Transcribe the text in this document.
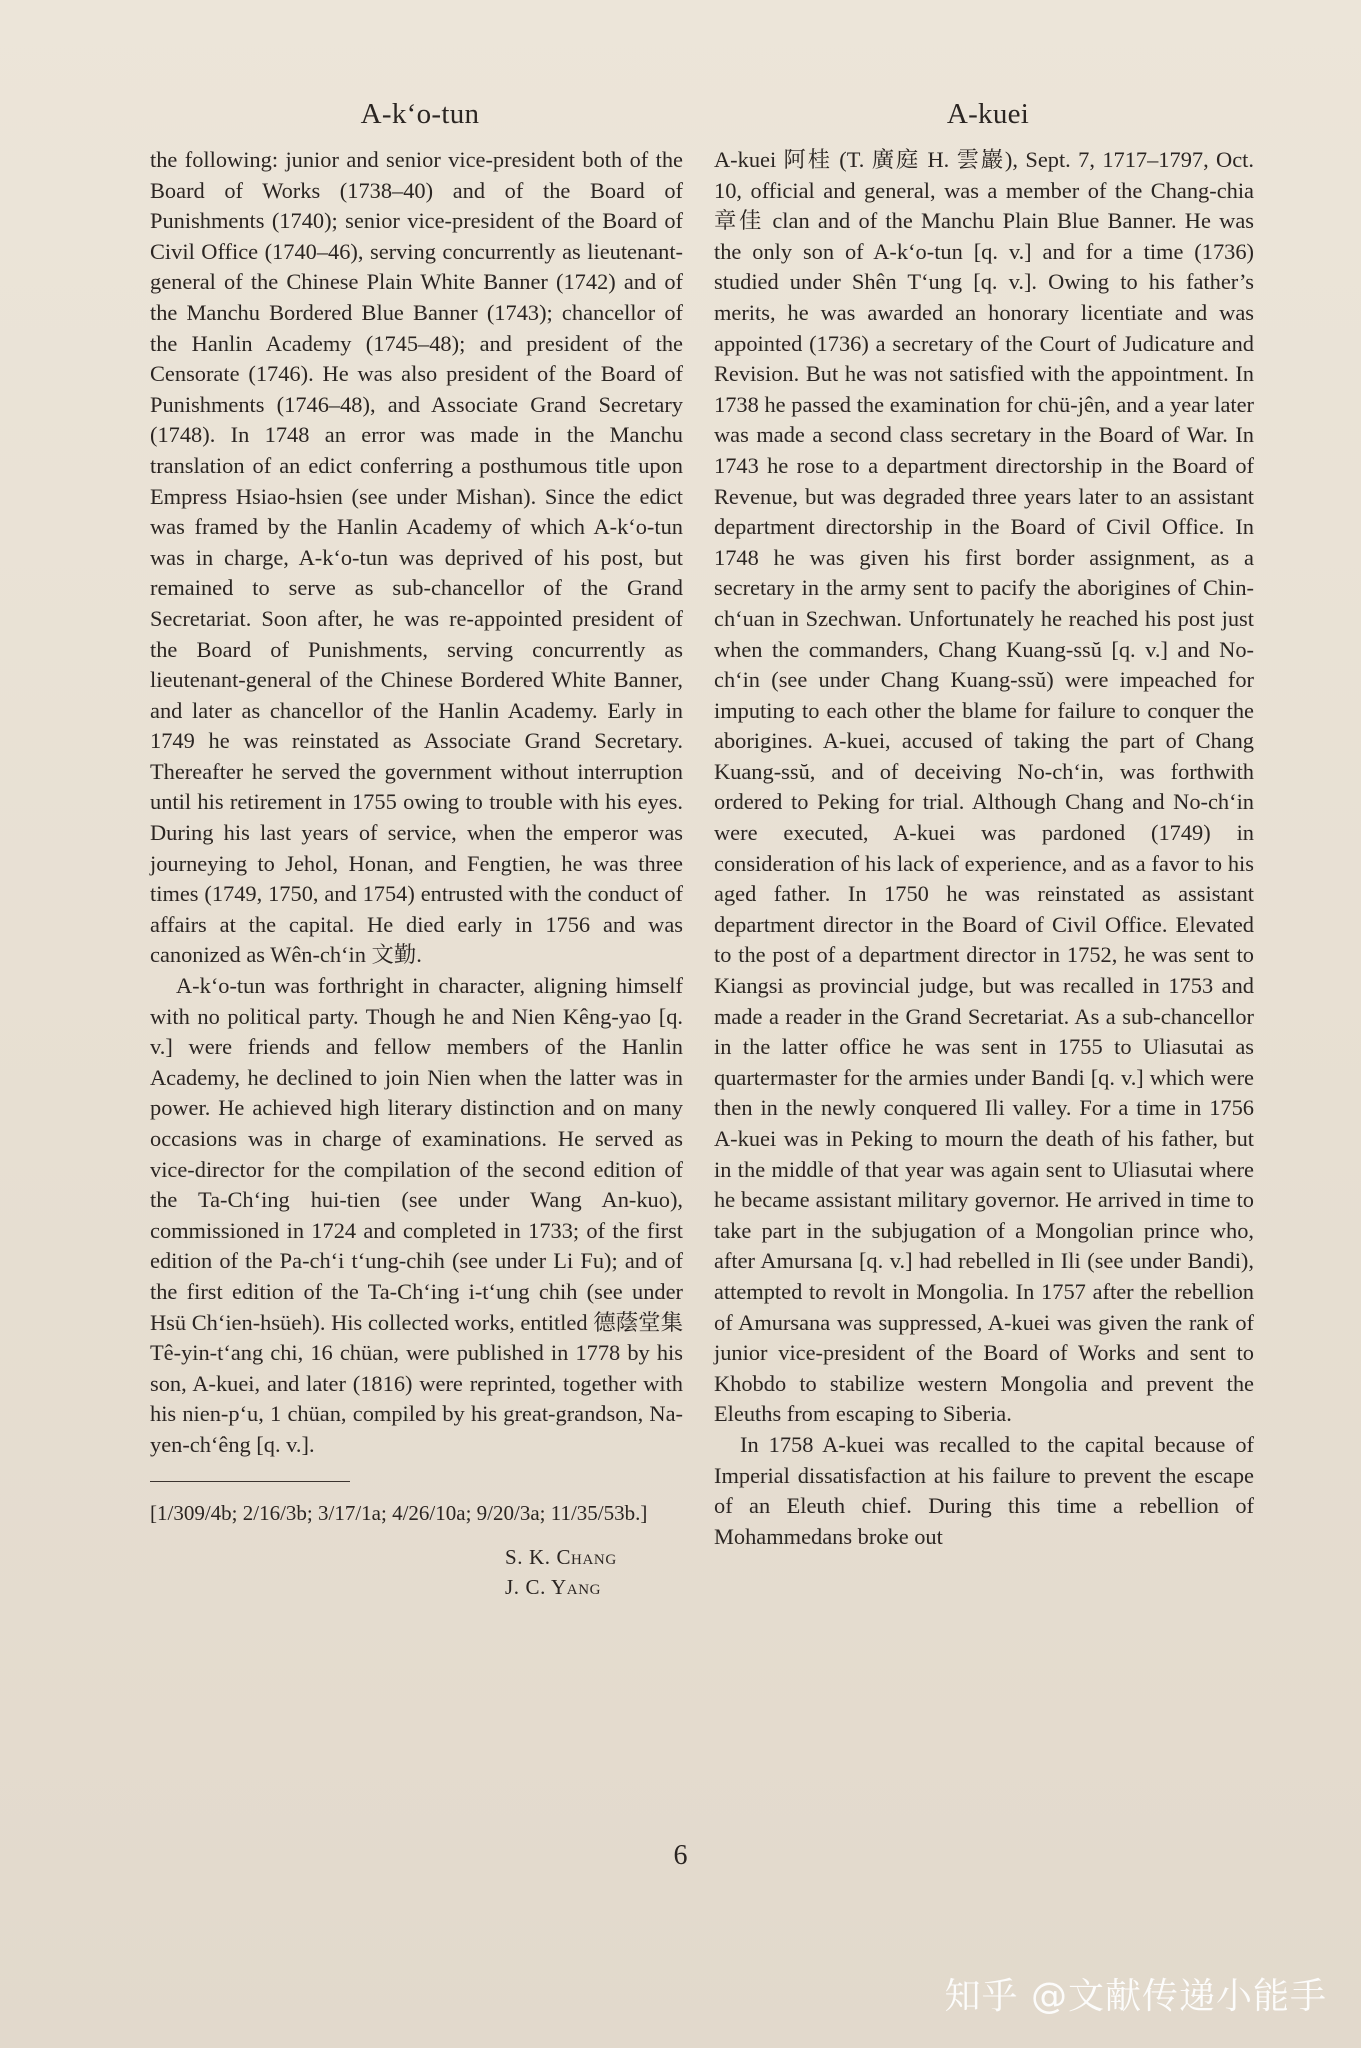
A-k‘o-tun	A-kuei

the following: junior and senior vice-president both of the Board of Works (1738–40) and of the Board of Punishments (1740); senior vice-president of the Board of Civil Office (1740–46), serving concurrently as lieutenant-general of the Chinese Plain White Banner (1742) and of the Manchu Bordered Blue Banner (1743); chancellor of the Hanlin Academy (1745–48); and president of the Censorate (1746). He was also president of the Board of Punishments (1746–48), and Associate Grand Secretary (1748). In 1748 an error was made in the Manchu translation of an edict conferring a posthumous title upon Empress Hsiao-hsien (see under Mishan). Since the edict was framed by the Hanlin Academy of which A-k‘o-tun was in charge, A-k‘o-tun was deprived of his post, but remained to serve as sub-chancellor of the Grand Secretariat. Soon after, he was re-appointed president of the Board of Punishments, serving concurrently as lieutenant-general of the Chinese Bordered White Banner, and later as chancellor of the Hanlin Academy. Early in 1749 he was reinstated as Associate Grand Secretary. Thereafter he served the government without interruption until his retirement in 1755 owing to trouble with his eyes. During his last years of service, when the emperor was journeying to Jehol, Honan, and Fengtien, he was three times (1749, 1750, and 1754) entrusted with the conduct of affairs at the capital. He died early in 1756 and was canonized as Wên-ch‘in 文勤.

A-k‘o-tun was forthright in character, aligning himself with no political party. Though he and Nien Kêng-yao [q. v.] were friends and fellow members of the Hanlin Academy, he declined to join Nien when the latter was in power. He achieved high literary distinction and on many occasions was in charge of examinations. He served as vice-director for the compilation of the second edition of the Ta-Ch‘ing hui-tien (see under Wang An-kuo), commissioned in 1724 and completed in 1733; of the first edition of the Pa-ch‘i t‘ung-chih (see under Li Fu); and of the first edition of the Ta-Ch‘ing i-t‘ung chih (see under Hsü Ch‘ien-hsüeh). His collected works, entitled 德蔭堂集 Tê-yin-t‘ang chi, 16 chüan, were published in 1778 by his son, A-kuei, and later (1816) were reprinted, together with his nien-p‘u, 1 chüan, compiled by his great-grandson, Na-yen-ch‘êng [q. v.].

[1/309/4b; 2/16/3b; 3/17/1a; 4/26/10a; 9/20/3a; 11/35/53b.]
S. K. Chang
J. C. Yang

A-kuei 阿桂 (T. 廣庭 H. 雲巖), Sept. 7, 1717–1797, Oct. 10, official and general, was a member of the Chang-chia 章佳 clan and of the Manchu Plain Blue Banner. He was the only son of A-k‘o-tun [q. v.] and for a time (1736) studied under Shên T‘ung [q. v.]. Owing to his father’s merits, he was awarded an honorary licentiate and was appointed (1736) a secretary of the Court of Judicature and Revision. But he was not satisfied with the appointment. In 1738 he passed the examination for chü-jên, and a year later was made a second class secretary in the Board of War. In 1743 he rose to a department directorship in the Board of Revenue, but was degraded three years later to an assistant department directorship in the Board of Civil Office. In 1748 he was given his first border assignment, as a secretary in the army sent to pacify the aborigines of Chin-ch‘uan in Szechwan. Unfortunately he reached his post just when the commanders, Chang Kuang-ssŭ [q. v.] and No-ch‘in (see under Chang Kuang-ssŭ) were impeached for imputing to each other the blame for failure to conquer the aborigines. A-kuei, accused of taking the part of Chang Kuang-ssŭ, and of deceiving No-ch‘in, was forthwith ordered to Peking for trial. Although Chang and No-ch‘in were executed, A-kuei was pardoned (1749) in consideration of his lack of experience, and as a favor to his aged father. In 1750 he was reinstated as assistant department director in the Board of Civil Office. Elevated to the post of a department director in 1752, he was sent to Kiangsi as provincial judge, but was recalled in 1753 and made a reader in the Grand Secretariat. As a sub-chancellor in the latter office he was sent in 1755 to Uliasutai as quartermaster for the armies under Bandi [q. v.] which were then in the newly conquered Ili valley. For a time in 1756 A-kuei was in Peking to mourn the death of his father, but in the middle of that year was again sent to Uliasutai where he became assistant military governor. He arrived in time to take part in the subjugation of a Mongolian prince who, after Amursana [q. v.] had rebelled in Ili (see under Bandi), attempted to revolt in Mongolia. In 1757 after the rebellion of Amursana was suppressed, A-kuei was given the rank of junior vice-president of the Board of Works and sent to Khobdo to stabilize western Mongolia and prevent the Eleuths from escaping to Siberia.

In 1758 A-kuei was recalled to the capital because of Imperial dissatisfaction at his failure to prevent the escape of an Eleuth chief. During this time a rebellion of Mohammedans broke out

6
知乎 @文献传递小能手
